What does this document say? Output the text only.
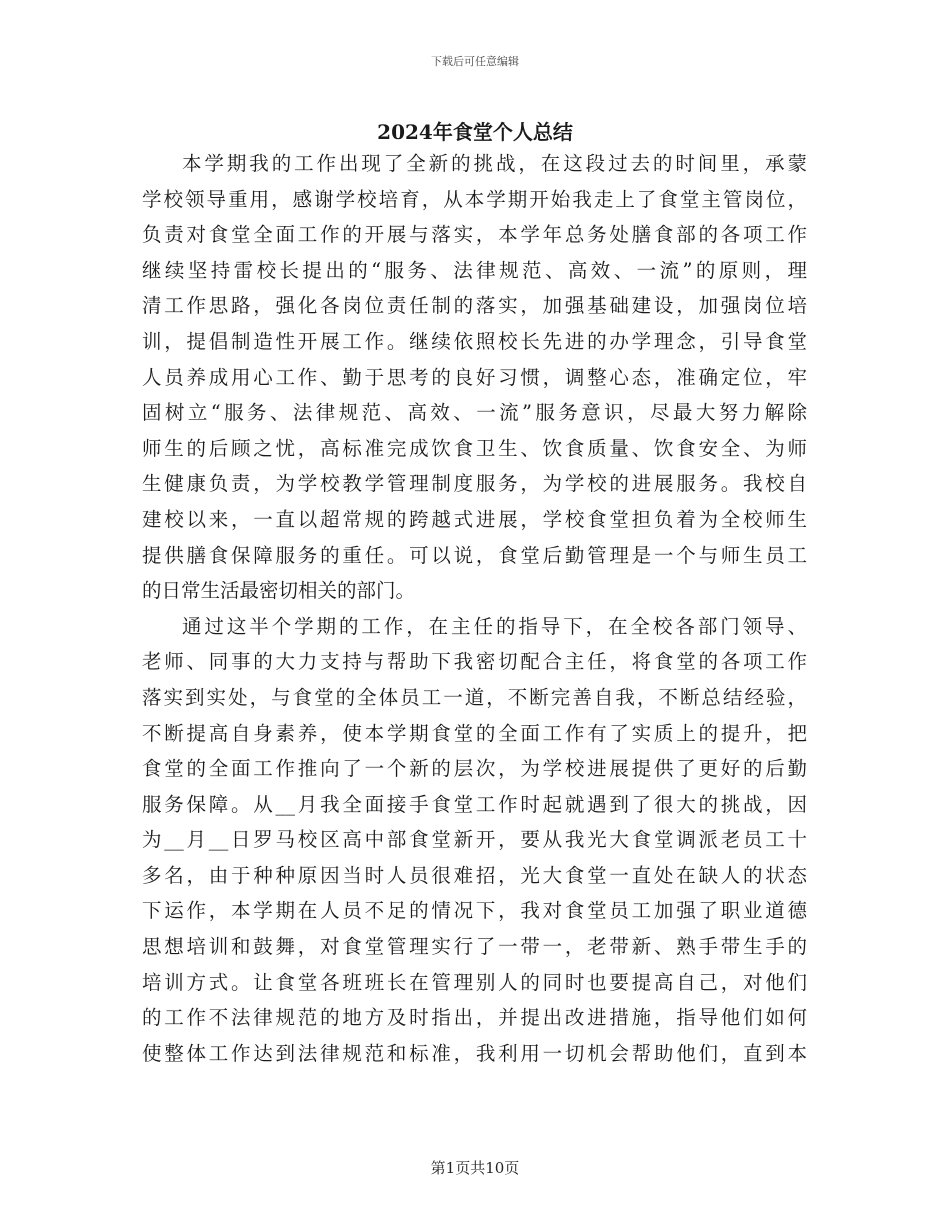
下载后可任意编辑
2024年食堂个人总结

本学期我的工作出现了全新的挑战，在这段过去的时间里，承蒙
学校领导重用，感谢学校培育，从本学期开始我走上了食堂主管岗位，
负责对食堂全面工作的开展与落实，本学年总务处膳食部的各项工作
继续坚持雷校长提出的“服务、法律规范、高效、一流”的原则，理
清工作思路，强化各岗位责任制的落实，加强基础建设，加强岗位培
训，提倡制造性开展工作。继续依照校长先进的办学理念，引导食堂
人员养成用心工作、勤于思考的良好习惯，调整心态，准确定位，牢
固树立“服务、法律规范、高效、一流”服务意识，尽最大努力解除
师生的后顾之忧，高标准完成饮食卫生、饮食质量、饮食安全、为师
生健康负责，为学校教学管理制度服务，为学校的进展服务。我校自
建校以来，一直以超常规的跨越式进展，学校食堂担负着为全校师生
提供膳食保障服务的重任。可以说，食堂后勤管理是一个与师生员工
的日常生活最密切相关的部门。

通过这半个学期的工作，在主任的指导下，在全校各部门领导、
老师、同事的大力支持与帮助下我密切配合主任，将食堂的各项工作
落实到实处，与食堂的全体员工一道，不断完善自我，不断总结经验，
不断提高自身素养，使本学期食堂的全面工作有了实质上的提升，把
食堂的全面工作推向了一个新的层次，为学校进展提供了更好的后勤
服务保障。从__月我全面接手食堂工作时起就遇到了很大的挑战，因
为__月__日罗马校区高中部食堂新开，要从我光大食堂调派老员工十
多名，由于种种原因当时人员很难招，光大食堂一直处在缺人的状态
下运作，本学期在人员不足的情况下，我对食堂员工加强了职业道德
思想培训和鼓舞，对食堂管理实行了一带一，老带新、熟手带生手的
培训方式。让食堂各班班长在管理别人的同时也要提高自己，对他们
的工作不法律规范的地方及时指出，并提出改进措施，指导他们如何
使整体工作达到法律规范和标准，我利用一切机会帮助他们，直到本

第1页共10页
